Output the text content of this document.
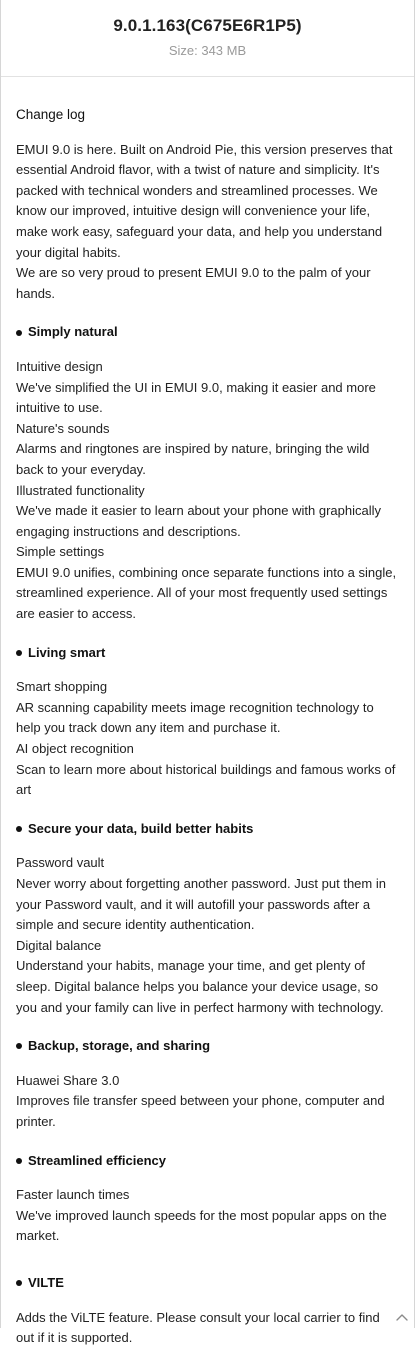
9.0.1.163(C675E6R1P5)
Size: 343 MB
Change log

EMUI 9.0 is here. Built on Android Pie, this version preserves that essential Android flavor, with a twist of nature and simplicity. It's packed with technical wonders and streamlined processes. We know our improved, intuitive design will convenience your life, make work easy, safeguard your data, and help you understand your digital habits.

We are so very proud to present EMUI 9.0 to the palm of your hands.

Simply natural

Intuitive design

We've simplified the UI in EMUI 9.0, making it easier and more intuitive to use.

Nature's sounds

Alarms and ringtones are inspired by nature, bringing the wild back to your everyday.

Illustrated functionality

We've made it easier to learn about your phone with graphically engaging instructions and descriptions.

Simple settings

EMUI 9.0 unifies, combining once separate functions into a single, streamlined experience. All of your most frequently used settings are easier to access.

Living smart

Smart shopping

AR scanning capability meets image recognition technology to help you track down any item and purchase it.

AI object recognition

Scan to learn more about historical buildings and famous works of art

Secure your data, build better habits

Password vault

Never worry about forgetting another password. Just put them in your Password vault, and it will autofill your passwords after a simple and secure identity authentication.

Digital balance

Understand your habits, manage your time, and get plenty of sleep. Digital balance helps you balance your device usage, so you and your family can live in perfect harmony with technology.

Backup, storage, and sharing

Huawei Share 3.0

Improves file transfer speed between your phone, computer and printer.

Streamlined efficiency

Faster launch times

We've improved launch speeds for the most popular apps on the market.

VILTE

Adds the ViLTE feature. Please consult your local carrier to find out if it is supported.
